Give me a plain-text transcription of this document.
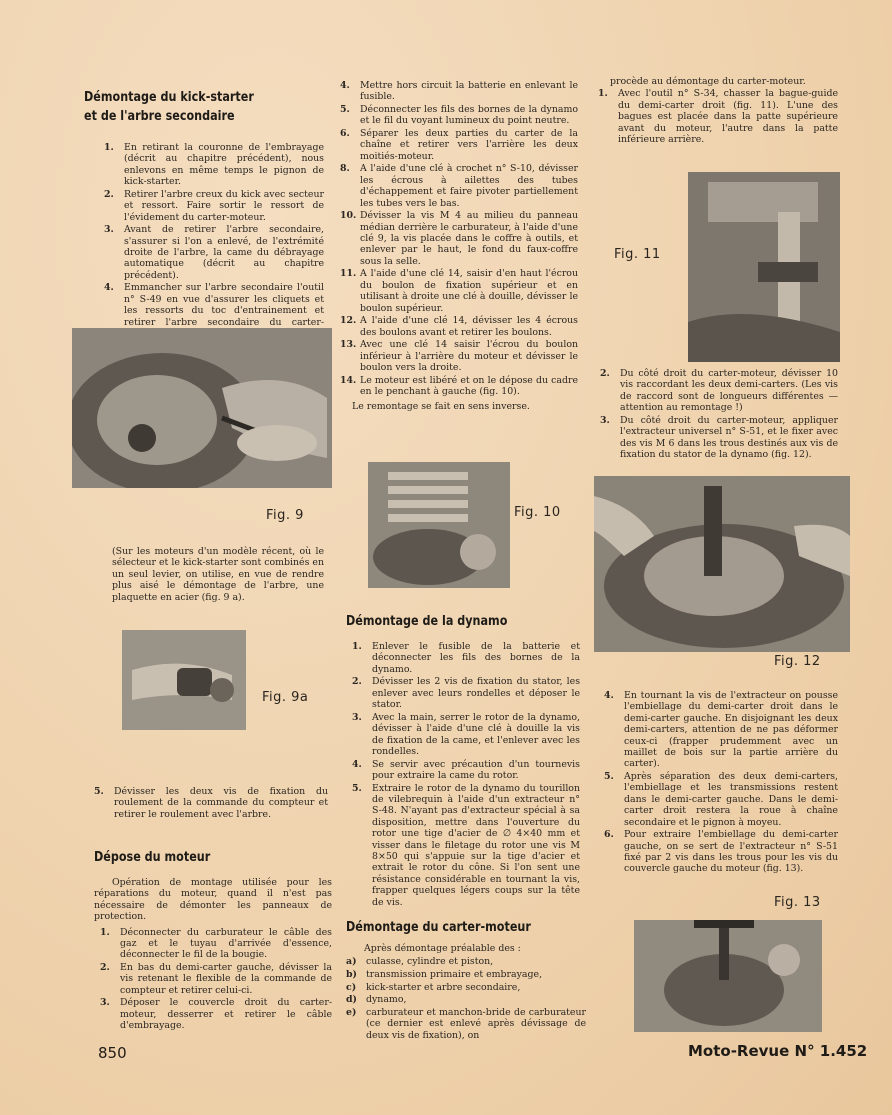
Démontage du kick-starter
et de l'arbre secondaire
1. En retirant la couronne de l'embrayage (décrit au chapitre précédent), nous enlevons en même temps le pignon de kick-starter.
2. Retirer l'arbre creux du kick avec secteur et ressort. Faire sortir le ressort de l'évidement du carter-moteur.
3. Avant de retirer l'arbre secondaire, s'assurer si l'on a enlevé, de l'extrémité droite de l'arbre, la came du débrayage automatique (décrit au chapitre précédent).
4. Emmancher sur l'arbre secondaire l'outil n° S-49 en vue d'assurer les cliquets et les ressorts du toc d'entrainement et retirer l'arbre secondaire du carter-
Fig. 9
(Sur les moteurs d'un modèle récent, où le sélecteur et le kick-starter sont combinés en un seul levier, on utilise, en vue de rendre plus aisé le démontage de l'arbre, une plaquette en acier (fig. 9 a).
Fig. 9a
5. Dévisser les deux vis de fixation du roulement de la commande du compteur et retirer le roulement avec l'arbre.
Dépose du moteur
Opération de montage utilisée pour les réparations du moteur, quand il n'est pas nécessaire de démonter les panneaux de protection.
1. Déconnecter du carburateur le câble des gaz et le tuyau d'arrivée d'essence, déconnecter le fil de la bougie.
2. En bas du demi-carter gauche, dévisser la vis retenant le flexible de la commande de compteur et retirer celui-ci.
3. Déposer le couvercle droit du carter-moteur, desserrer et retirer le câble d'embrayage.
4. Mettre hors circuit la batterie en enlevant le fusible.
5. Déconnecter les fils des bornes de la dynamo et le fil du voyant lumineux du point neutre.
6. Séparer les deux parties du carter de la chaîne et retirer vers l'arrière les deux moitiés-moteur.
8. A l'aide d'une clé à crochet n° S-10, dévisser les écrous à ailettes des tubes d'échappement et faire pivoter partiellement les tubes vers le bas.
10. Dévisser la vis M 4 au milieu du panneau médian derrière le carburateur, à l'aide d'une clé 9, la vis placée dans le coffre à outils, et enlever par le haut, le fond du faux-coffre sous la selle.
11. A l'aide d'une clé 14, saisir d'en haut l'écrou du boulon de fixation supérieur et en utilisant à droite une clé à douille, dévisser le boulon supérieur.
12. A l'aide d'une clé 14, dévisser les 4 écrous des boulons avant et retirer les boulons.
13. Avec une clé 14 saisir l'écrou du boulon inférieur à l'arrière du moteur et dévisser le boulon vers la droite.
14. Le moteur est libéré et on le dépose du cadre en le penchant à gauche (fig. 10).
Le remontage se fait en sens inverse.
Fig. 10
Démontage de la dynamo
1. Enlever le fusible de la batterie et déconnecter les fils des bornes de la dynamo.
2. Dévisser les 2 vis de fixation du stator, les enlever avec leurs rondelles et déposer le stator.
3. Avec la main, serrer le rotor de la dynamo, dévisser à l'aide d'une clé à douille la vis de fixation de la came, et l'enlever avec les rondelles.
4. Se servir avec précaution d'un tournevis pour extraire la came du rotor.
5. Extraire le rotor de la dynamo du tourillon de vilebrequin à l'aide d'un extracteur n° S-48. N'ayant pas d'extracteur spécial à sa disposition, mettre dans l'ouverture du rotor une tige d'acier de ∅ 4×40 mm et visser dans le filetage du rotor une vis M 8×50 qui s'appuie sur la tige d'acier et extrait le rotor du cône. Si l'on sent une résistance considérable en tournant la vis, frapper quelques légers coups sur la tête de vis.
Démontage du carter-moteur
Après démontage préalable des :
a) culasse, cylindre et piston,
b) transmission primaire et embrayage,
c) kick-starter et arbre secondaire,
d) dynamo,
e) carburateur et manchon-bride de carburateur (ce dernier est enlevé après dévissage de deux vis de fixation), on
procède au démontage du carter-moteur.
1. Avec l'outil n° S-34, chasser la bague-guide du demi-carter droit (fig. 11). L'une des bagues est placée dans la patte supérieure avant du moteur, l'autre dans la patte inférieure arrière.
Fig. 11
2. Du côté droit du carter-moteur, dévisser 10 vis raccordant les deux demi-carters. (Les vis de raccord sont de longueurs différentes — attention au remontage !)
3. Du côté droit du carter-moteur, appliquer l'extracteur universel n° S-51, et le fixer avec des vis M 6 dans les trous destinés aux vis de fixation du stator de la dynamo (fig. 12).
Fig. 12
4. En tournant la vis de l'extracteur on pousse l'embiellage du demi-carter droit dans le demi-carter gauche. En disjoignant les deux demi-carters, attention de ne pas déformer ceux-ci (frapper prudemment avec un maillet de bois sur la partie arrière du carter).
5. Après séparation des deux demi-carters, l'embiellage et les transmissions restent dans le demi-carter gauche. Dans le demi-carter droit restera la roue à chaîne secondaire et le pignon à moyeu.
6. Pour extraire l'embiellage du demi-carter gauche, on se sert de l'extracteur n° S-51 fixé par 2 vis dans les trous pour les vis du couvercle gauche du moteur (fig. 13).
Fig. 13
850	Moto-Revue N° 1.452
